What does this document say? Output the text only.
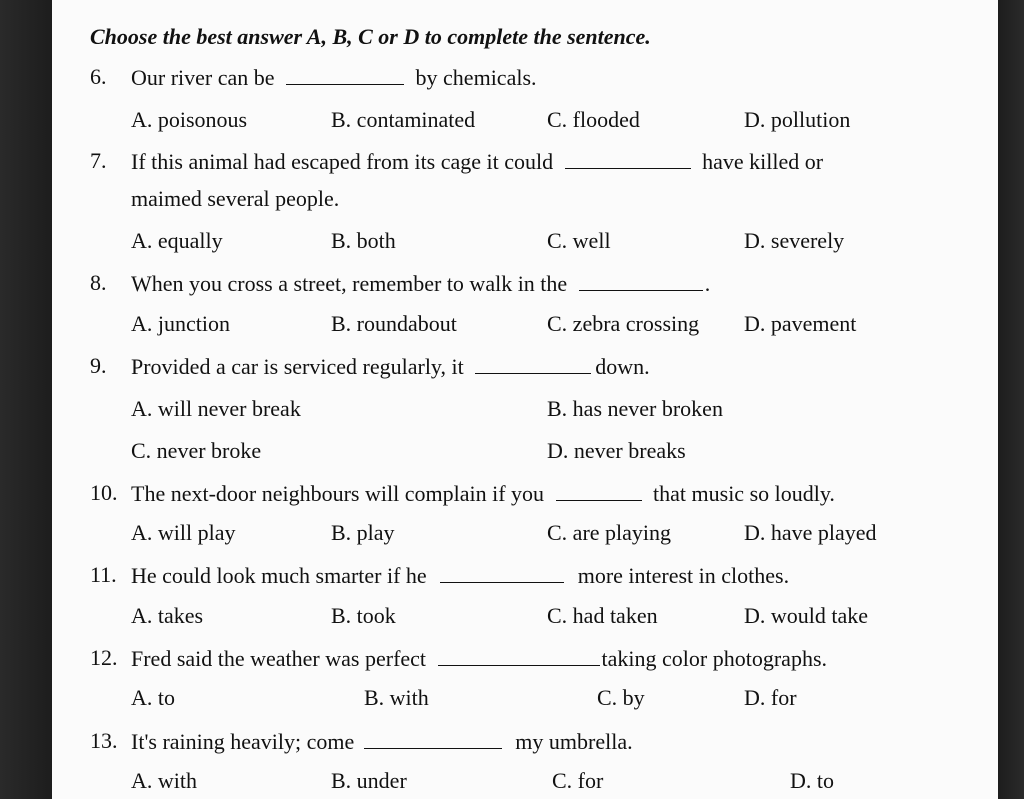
Choose the best answer A, B, C or D to complete the sentence.
6. Our river can be	by chemicals.
A. poisonous	B. contaminated	C. flooded	D. pollution
7. If this animal had escaped from its cage it could	have killed or
maimed several people.
A. equally	B. both	C. well	D. severely
8. When you cross a street, remember to walk in the	.
A. junction	B. roundabout	C. zebra crossing D. pavement
9. Provided a car is serviced regularly, it	down.
A. will never break	B. has never broken
C. never broke	D. never breaks
10. The next-door neighbours will complain if you	that music so loudly.
A. will play	B. play	C. are playing	D. have played
11. He could look much smarter if he	more interest in clothes.
A. takes	B. took	C. had taken	D. would take
12. Fred said the weather was perfect	taking color photographs.
A. to	B. with	C. by	D. for
13. It's raining heavily; come	my umbrella.
A. with	B. under	C. for	D. to
